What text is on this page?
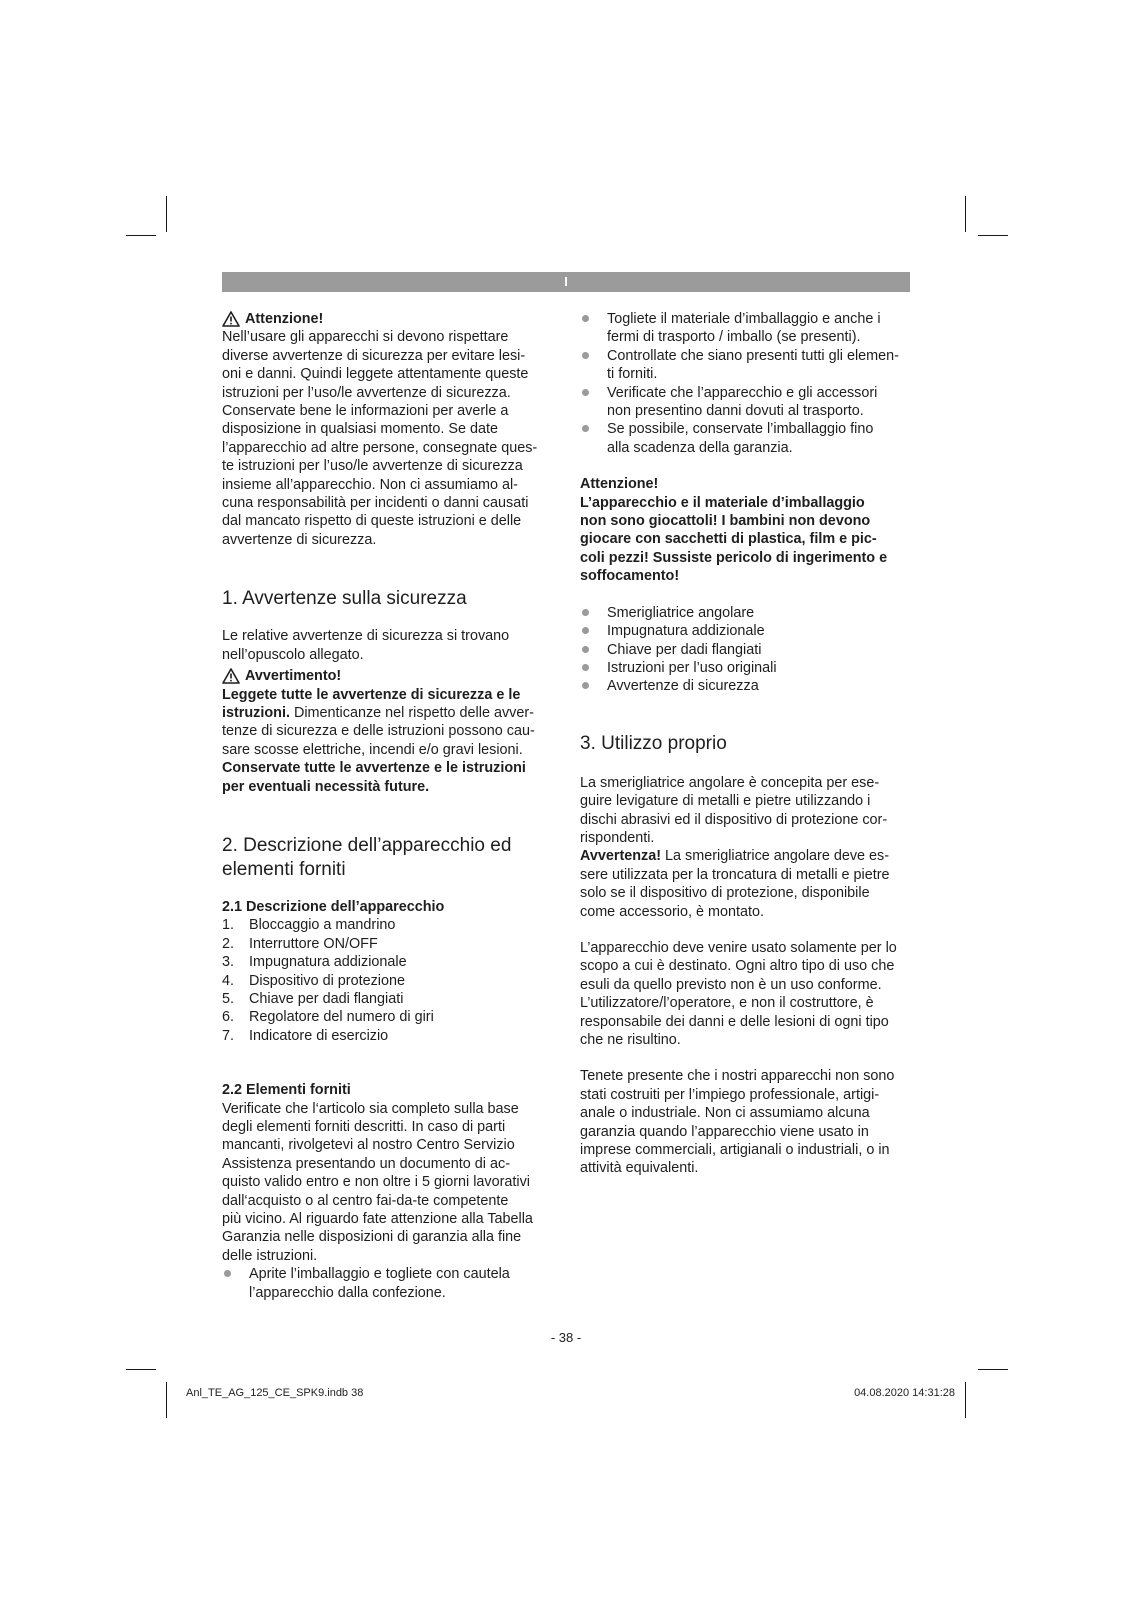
I
Attenzione!

Nell’usare gli apparecchi si devono rispettare

diverse avvertenze di sicurezza per evitare lesi-

oni e danni. Quindi leggete attentamente queste

istruzioni per l’uso/le avvertenze di sicurezza.

Conservate bene le informazioni per averle a

disposizione in qualsiasi momento. Se date

l’apparecchio ad altre persone, consegnate ques-

te istruzioni per l’uso/le avvertenze di sicurezza

insieme all’apparecchio. Non ci assumiamo al-

cuna responsabilità per incidenti o danni causati

dal mancato rispetto di queste istruzioni e delle

avvertenze di sicurezza.

1. Avvertenze sulla sicurezza

Le relative avvertenze di sicurezza si trovano

nell’opuscolo allegato.

Avvertimento!

Leggete tutte le avvertenze di sicurezza e le

istruzioni. Dimenticanze nel rispetto delle avver-

tenze di sicurezza e delle istruzioni possono cau-

sare scosse elettriche, incendi e/o gravi lesioni.

Conservate tutte le avvertenze e le istruzioni

per eventuali necessità future.

2. Descrizione dell’apparecchio ed

elementi forniti

2.1 Descrizione dell’apparecchio

1. Bloccaggio a mandrino
2. Interruttore ON/OFF
3. Impugnatura addizionale
4. Dispositivo di protezione
5. Chiave per dadi flangiati
6. Regolatore del numero di giri
7. Indicatore di esercizio

2.2 Elementi forniti

Verificate che l‘articolo sia completo sulla base

degli elementi forniti descritti. In caso di parti

mancanti, rivolgetevi al nostro Centro Servizio

Assistenza presentando un documento di ac-

quisto valido entro e non oltre i 5 giorni lavorativi

dall‘acquisto o al centro fai-da-te competente

più vicino. Al riguardo fate attenzione alla Tabella

Garanzia nelle disposizioni di garanzia alla fine

delle istruzioni.

Aprite l’imballaggio e togliete con cautela

l’apparecchio dalla confezione.

Togliete il materiale d’imballaggio e anche i

fermi di trasporto / imballo (se presenti).

Controllate che siano presenti tutti gli elemen-

ti forniti.

Verificate che l’apparecchio e gli accessori

non presentino danni dovuti al trasporto.

Se possibile, conservate l’imballaggio fino

alla scadenza della garanzia.

Attenzione!

L’apparecchio e il materiale d’imballaggio

non sono giocattoli! I bambini non devono

giocare con sacchetti di plastica, film e pic-

coli pezzi! Sussiste pericolo di ingerimento e

soffocamento!

Smerigliatrice angolare

Impugnatura addizionale

Chiave per dadi flangiati

Istruzioni per l’uso originali

Avvertenze di sicurezza

3. Utilizzo proprio

La smerigliatrice angolare è concepita per ese-

guire levigature di metalli e pietre utilizzando i

dischi abrasivi ed il dispositivo di protezione cor-

rispondenti.

Avvertenza! La smerigliatrice angolare deve es-

sere utilizzata per la troncatura di metalli e pietre

solo se il dispositivo di protezione, disponibile

come accessorio, è montato.

L’apparecchio deve venire usato solamente per lo

scopo a cui è destinato. Ogni altro tipo di uso che

esuli da quello previsto non è un uso conforme.

L’utilizzatore/l’operatore, e non il costruttore, è

responsabile dei danni e delle lesioni di ogni tipo

che ne risultino.

Tenete presente che i nostri apparecchi non sono

stati costruiti per l’impiego professionale, artigi-

anale o industriale. Non ci assumiamo alcuna

garanzia quando l’apparecchio viene usato in

imprese commerciali, artigianali o industriali, o in

attività equivalenti.

- 38 -
Anl_TE_AG_125_CE_SPK9.indb 38	04.08.2020 14:31:28
